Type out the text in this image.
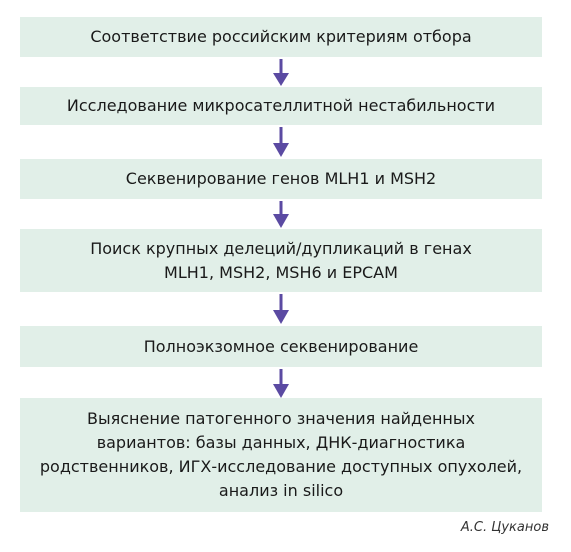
Соответствие российским критериям отбора
Исследование микросателлитной нестабильности
Секвенирование генов MLH1 и MSH2
Поиск крупных делеций/дупликаций в генах
MLH1, MSH2, MSH6 и EPCAM
Полноэкзомное секвенирование
Выяснение патогенного значения найденных
вариантов: базы данных, ДНК-диагностика
родственников, ИГХ-исследование доступных опухолей,
анализ in silico
А.С. Цуканов
